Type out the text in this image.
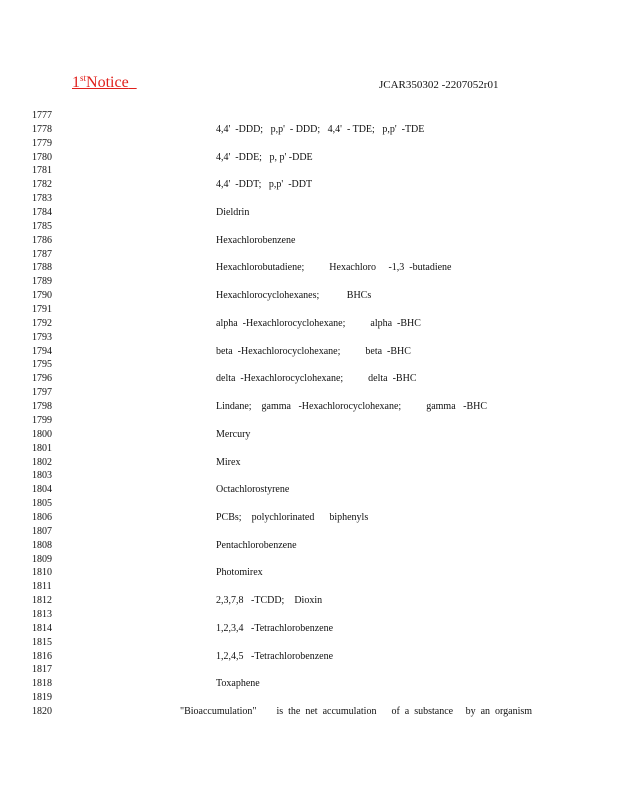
1stNotice	JCAR350302 -2207052r01
1777
1778
1779
1780
1781
1782
1783
1784
1785
1786
1787
1788
1789
1790
1791
1792
1793
1794
1795
1796
1797
1798
1799
1800
1801
1802
1803
1804
1805
1806
1807
1808
1809
1810
1811
1812
1813
1814
1815
1816
1817
1818
1819
1820
4,4'  -DDD;   p,p'  - DDD;   4,4'  - TDE;   p,p'  -TDE
4,4'  -DDE;   p, p' -DDE
4,4'  -DDT;   p,p'  -DDT
Dieldrin
Hexachlorobenzene
Hexachlorobutadiene;          Hexachloro     -1,3  -butadiene
Hexachlorocyclohexanes;           BHCs
alpha  -Hexachlorocyclohexane;          alpha  -BHC
beta  -Hexachlorocyclohexane;          beta  -BHC
delta  -Hexachlorocyclohexane;          delta  -BHC
Lindane;    gamma   -Hexachlorocyclohexane;          gamma   -BHC
Mercury
Mirex
Octachlorostyrene
PCBs;    polychlorinated      biphenyls
Pentachlorobenzene
Photomirex
2,3,7,8   -TCDD;    Dioxin
1,2,3,4   -Tetrachlorobenzene
1,2,4,5   -Tetrachlorobenzene
Toxaphene
"Bioaccumulation"        is  the  net  accumulation      of  a  substance     by  an  organism
